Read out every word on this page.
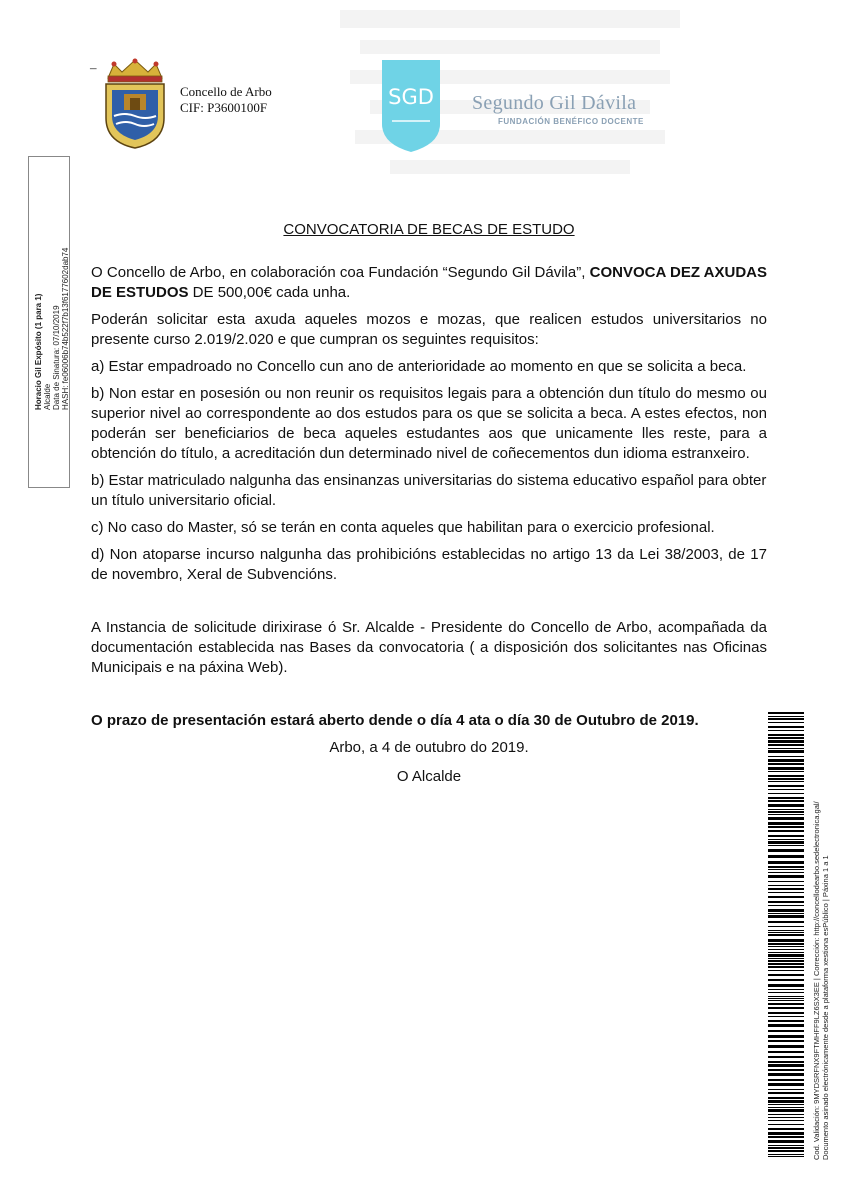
–
Concello de Arbo
CIF: P3600100F	SGD Segundo Gil Dávila
FUNDACIÓN BENÉFICO DOCENTE
Horacio Gil Expósito (1 para 1) Alcalde Data de Sinatura: 07/10/2019 HASH: fe06006b74b522f7b13f6177602dab74
CONVOCATORIA DE BECAS DE ESTUDO

O Concello de Arbo, en colaboración coa Fundación “Segundo Gil Dávila”, CONVOCA DEZ AXUDAS DE ESTUDOS DE 500,00€ cada unha.

Poderán solicitar esta axuda aqueles mozos e mozas, que realicen estudos universitarios no presente curso 2.019/2.020 e que cumpran os seguintes requisitos:

a) Estar empadroado no Concello cun ano de anterioridade ao momento en que se solicita a beca.

b) Non estar en posesión ou non reunir os requisitos legais para a obtención dun título do mesmo ou superior nivel ao correspondente ao dos estudos para os que se solicita a beca. A estes efectos, non poderán ser beneficiarios de beca aqueles estudantes aos que unicamente lles reste, para a obtención do título, a acreditación dun determinado nivel de coñecementos dun idioma estranxeiro.

b) Estar matriculado nalgunha das ensinanzas universitarias do sistema educativo español para obter un título universitario oficial.

c) No caso do Master, só se terán en conta aqueles que habilitan para o exercicio profesional.

d) Non atoparse incurso nalgunha das prohibicións establecidas no artigo 13 da Lei 38/2003, de 17 de novembro, Xeral de Subvencións.

A Instancia de solicitude dirixirase ó Sr. Alcalde - Presidente do Concello de Arbo, acompañada da documentación establecida nas Bases da convocatoria ( a disposición dos solicitantes nas Oficinas Municipais e na páxina Web).

O prazo de presentación estará aberto dende o día 4 ata o día 30 de Outubro de 2019.

Arbo, a 4 de outubro do 2019.

O Alcalde

Cod. Validación: 9MYDSRFNX9FTMHFF9LZ6SX3EE | Corrección: http://concellodearbo.sedelectronica.gal/ Documento asinado electrónicamente desde a plataforma xestiona esPúblico | Páxina 1 a 1
